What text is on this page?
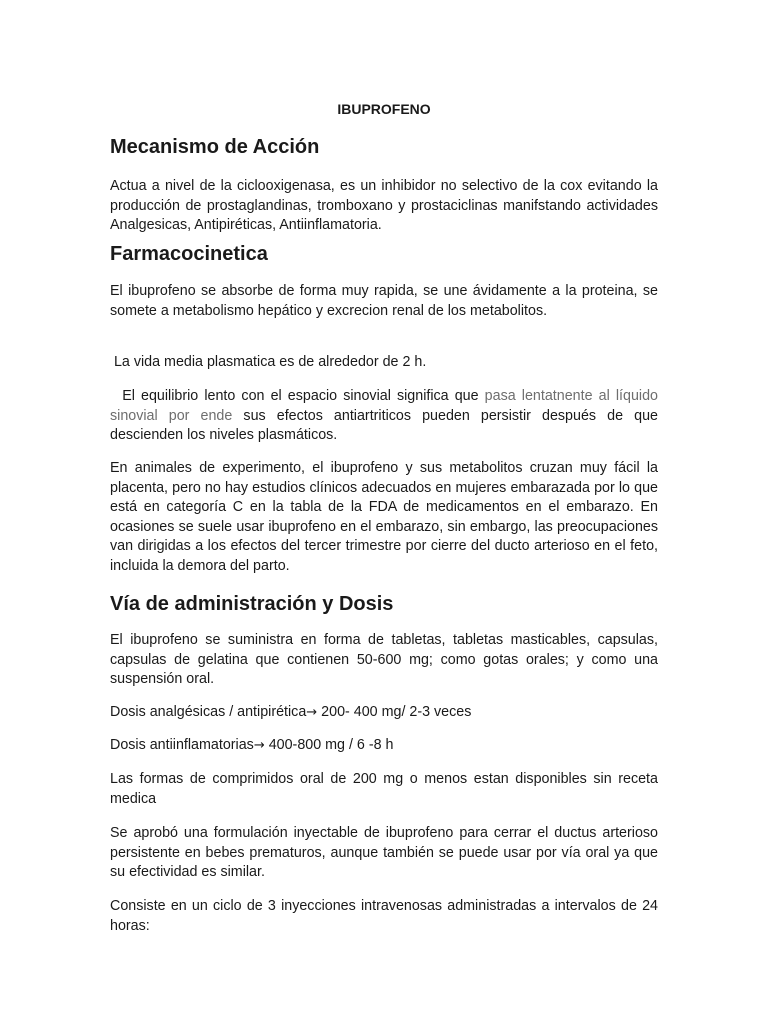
IBUPROFENO
Mecanismo de Acción

Actua a nivel de la ciclooxigenasa, es un inhibidor no selectivo de la cox evitando la producción de prostaglandinas, tromboxano y prostaciclinas manifstando actividades Analgesicas, Antipiréticas, Antiinflamatoria.

Farmacocinetica

El ibuprofeno se absorbe de forma muy rapida, se une ávidamente a la proteina, se somete a metabolismo hepático y excrecion renal de los metabolitos.

La vida media plasmatica es de alrededor de 2 h.

El equilibrio lento con el espacio sinovial significa que pasa lentatnente al líquido sinovial por ende sus efectos antiartriticos pueden persistir después de que descienden los niveles plasmáticos.

En animales de experimento, el ibuprofeno y sus metabolitos cruzan muy fácil la placenta, pero no hay estudios clínicos adecuados en mujeres embarazada por lo que está en categoría C en la tabla de la FDA de medicamentos en el embarazo. En ocasiones se suele usar ibuprofeno en el embarazo, sin embargo, las preocupaciones van dirigidas a los efectos del tercer trimestre por cierre del ducto arterioso en el feto, incluida la demora del parto.

Vía de administración y Dosis

El ibuprofeno se suministra en forma de tabletas, tabletas masticables, capsulas, capsulas de gelatina que contienen 50-600 mg; como gotas orales; y como una suspensión oral.

Dosis analgésicas / antipirética→ 200- 400 mg/ 2-3 veces

Dosis antiinflamatorias→ 400-800 mg / 6 -8 h

Las formas de comprimidos oral de 200 mg o menos estan disponibles sin receta medica

Se aprobó una formulación inyectable de ibuprofeno para cerrar el ductus arterioso persistente en bebes prematuros, aunque también se puede usar por vía oral ya que su efectividad es similar.

Consiste en un ciclo de 3 inyecciones intravenosas administradas a intervalos de 24 horas:
